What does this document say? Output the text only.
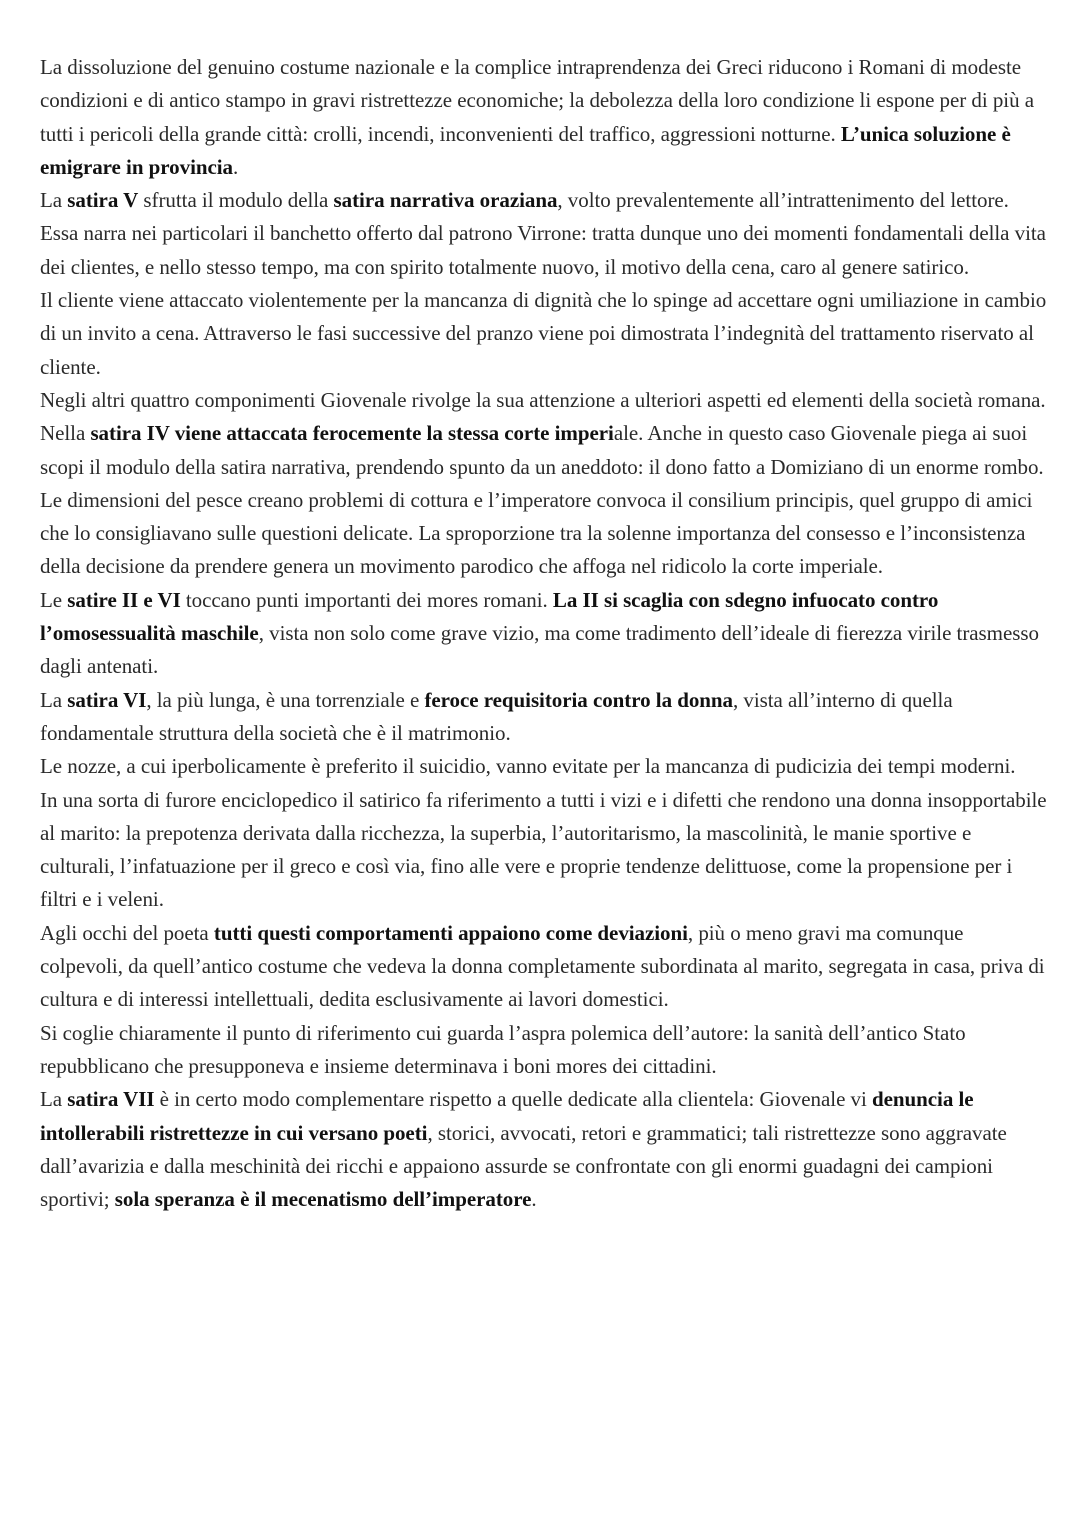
La dissoluzione del genuino costume nazionale e la complice intraprendenza dei Greci riducono i Romani di modeste condizioni e di antico stampo in gravi ristrettezze economiche; la debolezza della loro condizione li espone per di più a tutti i pericoli della grande città: crolli, incendi, inconvenienti del traffico, aggressioni notturne. L’unica soluzione è emigrare in provincia.

La satira V sfrutta il modulo della satira narrativa oraziana, volto prevalentemente all’intrattenimento del lettore. Essa narra nei particolari il banchetto offerto dal patrono Virrone: tratta dunque uno dei momenti fondamentali della vita dei clientes, e nello stesso tempo, ma con spirito totalmente nuovo, il motivo della cena, caro al genere satirico.

Il cliente viene attaccato violentemente per la mancanza di dignità che lo spinge ad accettare ogni umiliazione in cambio di un invito a cena. Attraverso le fasi successive del pranzo viene poi dimostrata l’indegnità del trattamento riservato al cliente.

Negli altri quattro componimenti Giovenale rivolge la sua attenzione a ulteriori aspetti ed elementi della società romana.

Nella satira IV viene attaccata ferocemente la stessa corte imperiale. Anche in questo caso Giovenale piega ai suoi scopi il modulo della satira narrativa, prendendo spunto da un aneddoto: il dono fatto a Domiziano di un enorme rombo. Le dimensioni del pesce creano problemi di cottura e l’imperatore convoca il consilium principis, quel gruppo di amici che lo consigliavano sulle questioni delicate. La sproporzione tra la solenne importanza del consesso e l’inconsistenza della decisione da prendere genera un movimento parodico che affoga nel ridicolo la corte imperiale.

Le satire II e VI toccano punti importanti dei mores romani. La II si scaglia con sdegno infuocato contro l’omosessualità maschile, vista non solo come grave vizio, ma come tradimento dell’ideale di fierezza virile trasmesso dagli antenati.

La satira VI, la più lunga, è una torrenziale e feroce requisitoria contro la donna, vista all’interno di quella fondamentale struttura della società che è il matrimonio.

Le nozze, a cui iperbolicamente è preferito il suicidio, vanno evitate per la mancanza di pudicizia dei tempi moderni.

In una sorta di furore enciclopedico il satirico fa riferimento a tutti i vizi e i difetti che rendono una donna insopportabile al marito: la prepotenza derivata dalla ricchezza, la superbia, l’autoritarismo, la mascolinità, le manie sportive e culturali, l’infatuazione per il greco e così via, fino alle vere e proprie tendenze delittuose, come la propensione per i filtri e i veleni.

Agli occhi del poeta tutti questi comportamenti appaiono come deviazioni, più o meno gravi ma comunque colpevoli, da quell’antico costume che vedeva la donna completamente subordinata al marito, segregata in casa, priva di cultura e di interessi intellettuali, dedita esclusivamente ai lavori domestici.

Si coglie chiaramente il punto di riferimento cui guarda l’aspra polemica dell’autore: la sanità dell’antico Stato repubblicano che presupponeva e insieme determinava i boni mores dei cittadini.

La satira VII è in certo modo complementare rispetto a quelle dedicate alla clientela: Giovenale vi denuncia le intollerabili ristrettezze in cui versano poeti, storici, avvocati, retori e grammatici; tali ristrettezze sono aggravate dall’avarizia e dalla meschinità dei ricchi e appaiono assurde se confrontate con gli enormi guadagni dei campioni sportivi; sola speranza è il mecenatismo dell’imperatore.
